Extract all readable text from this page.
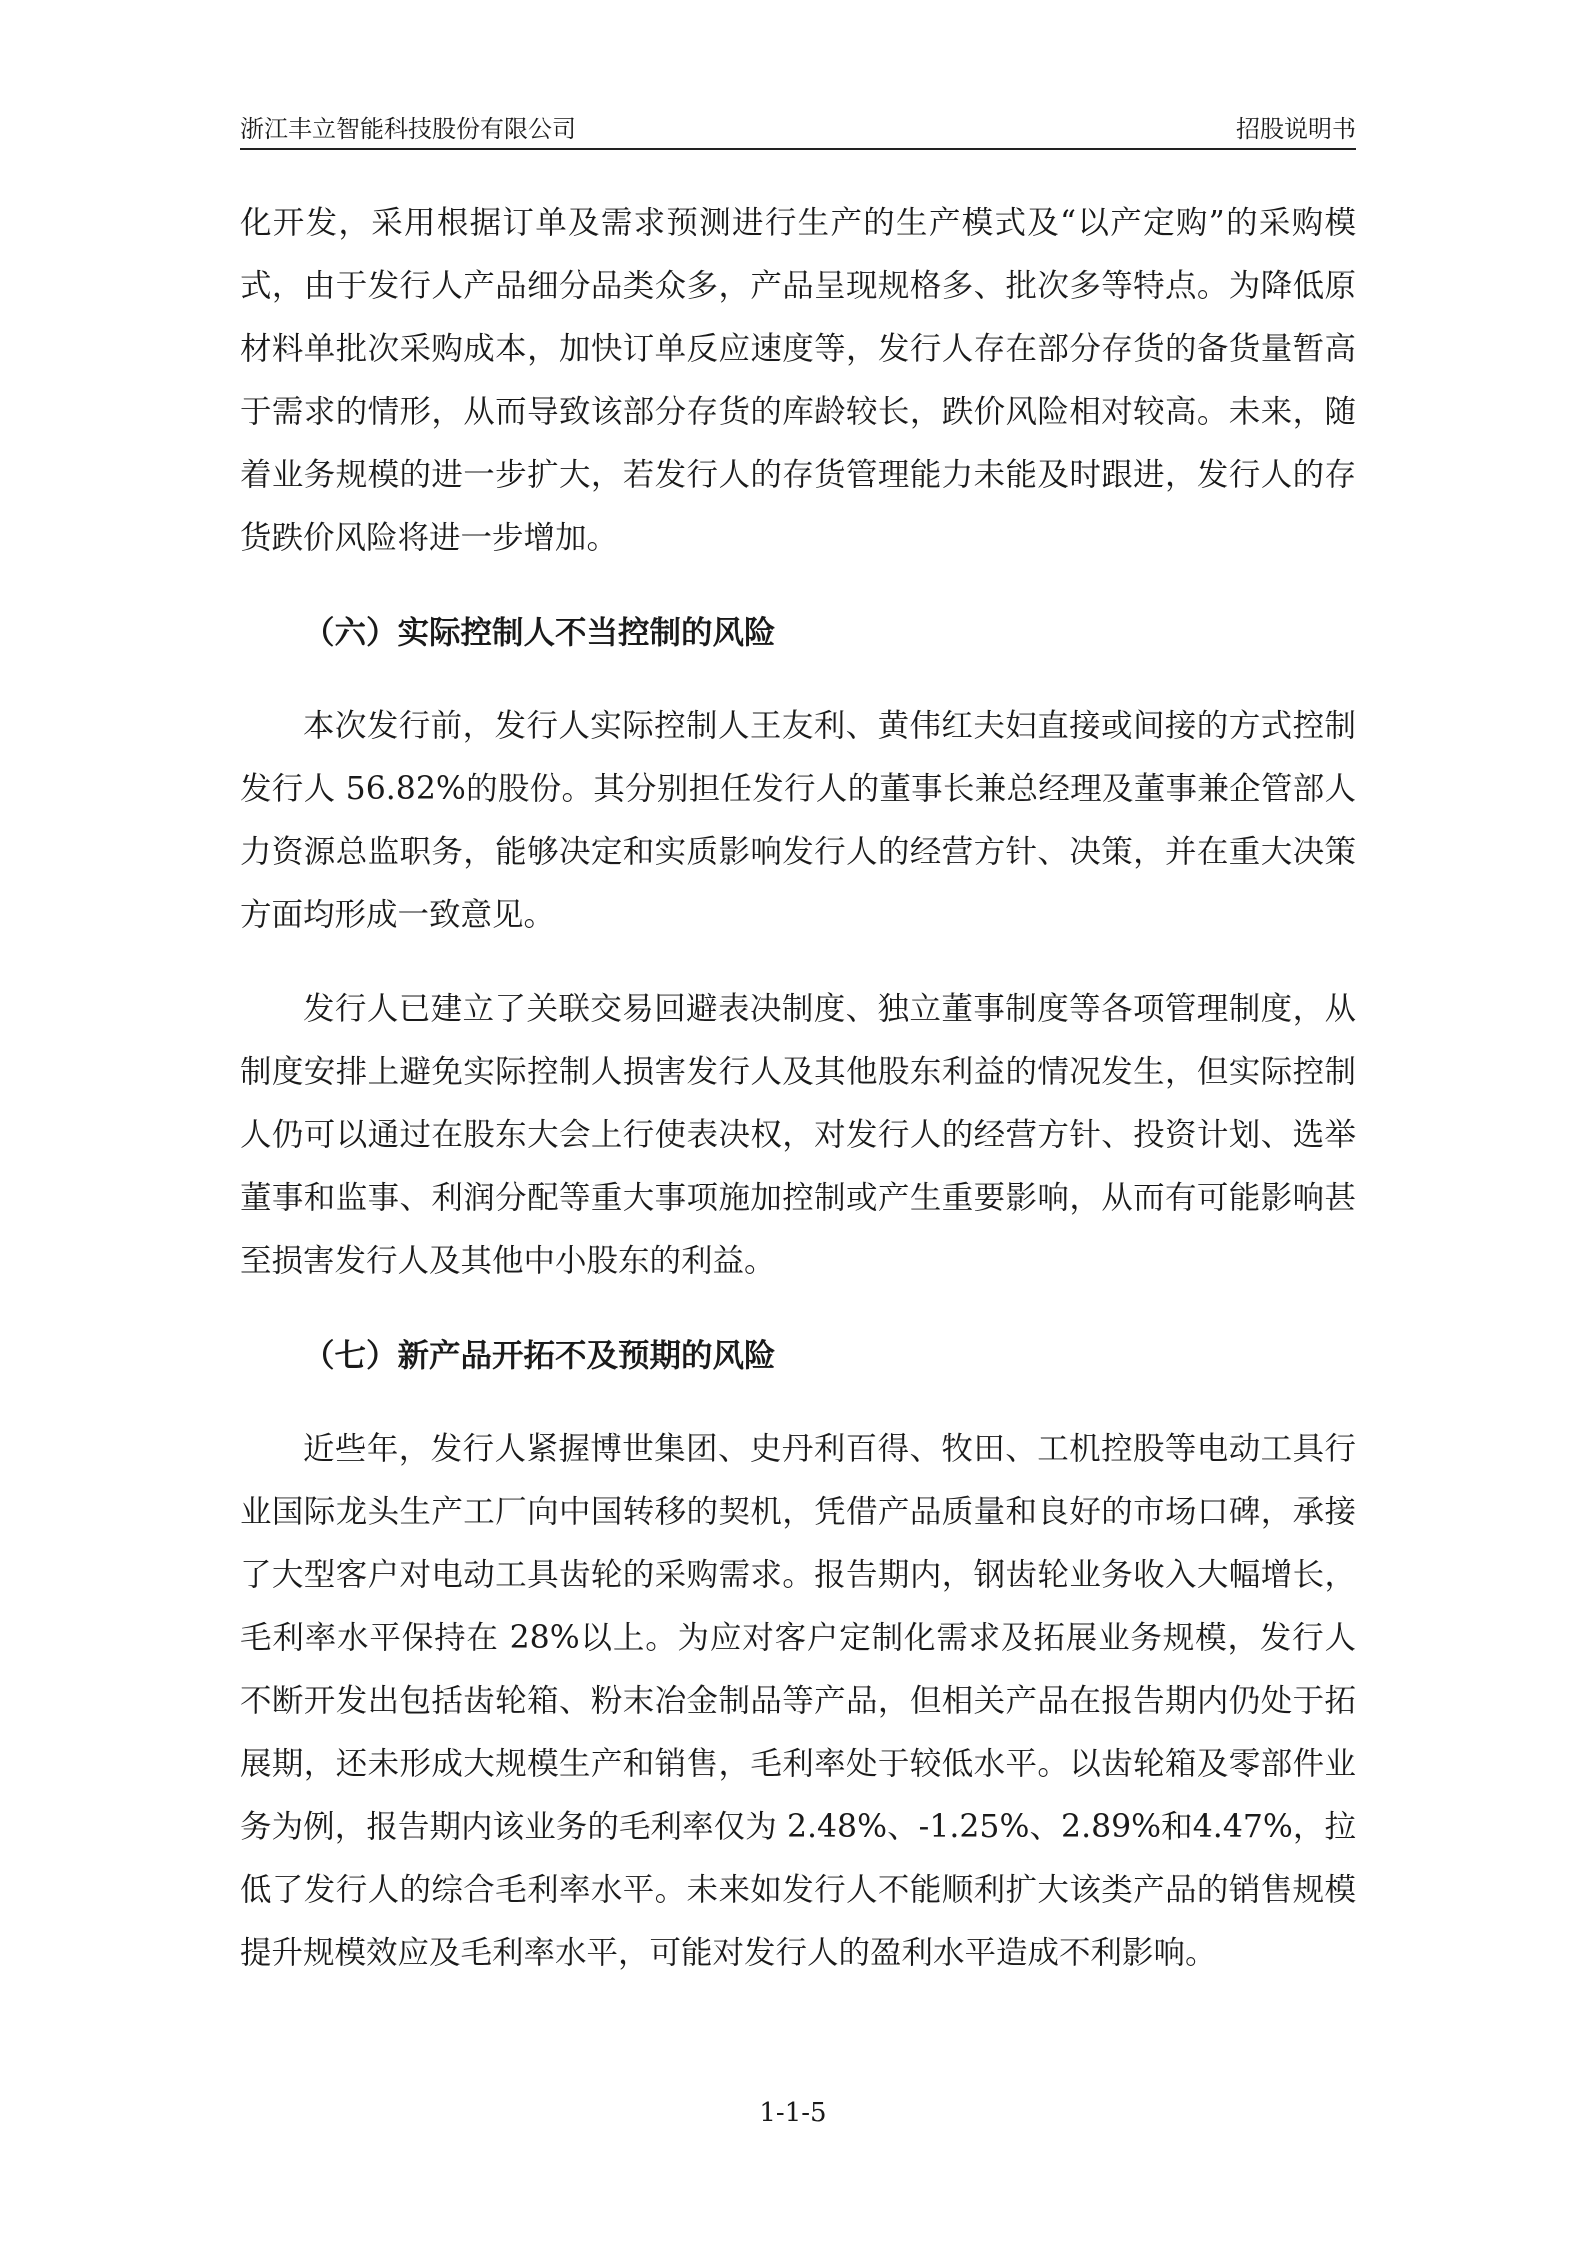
浙江丰立智能科技股份有限公司	招股说明书

化开发，采用根据订单及需求预测进行生产的生产模式及“以产定购”的采购模式，由于发行人产品细分品类众多，产品呈现规格多、批次多等特点。为降低原材料单批次采购成本，加快订单反应速度等，发行人存在部分存货的备货量暂高于需求的情形，从而导致该部分存货的库龄较长，跌价风险相对较高。未来，随着业务规模的进一步扩大，若发行人的存货管理能力未能及时跟进，发行人的存货跌价风险将进一步增加。

（六）实际控制人不当控制的风险

本次发行前，发行人实际控制人王友利、黄伟红夫妇直接或间接的方式控制发行人 56.82%的股份。其分别担任发行人的董事长兼总经理及董事兼企管部人力资源总监职务，能够决定和实质影响发行人的经营方针、决策，并在重大决策方面均形成一致意见。

发行人已建立了关联交易回避表决制度、独立董事制度等各项管理制度，从制度安排上避免实际控制人损害发行人及其他股东利益的情况发生，但实际控制人仍可以通过在股东大会上行使表决权，对发行人的经营方针、投资计划、选举董事和监事、利润分配等重大事项施加控制或产生重要影响，从而有可能影响甚至损害发行人及其他中小股东的利益。

（七）新产品开拓不及预期的风险

近些年，发行人紧握博世集团、史丹利百得、牧田、工机控股等电动工具行业国际龙头生产工厂向中国转移的契机，凭借产品质量和良好的市场口碑，承接了大型客户对电动工具齿轮的采购需求。报告期内，钢齿轮业务收入大幅增长，毛利率水平保持在 28%以上。为应对客户定制化需求及拓展业务规模，发行人不断开发出包括齿轮箱、粉末冶金制品等产品，但相关产品在报告期内仍处于拓展期，还未形成大规模生产和销售，毛利率处于较低水平。以齿轮箱及零部件业务为例，报告期内该业务的毛利率仅为 2.48%、-1.25%、2.89%和4.47%，拉低了发行人的综合毛利率水平。未来如发行人不能顺利扩大该类产品的销售规模提升规模效应及毛利率水平，可能对发行人的盈利水平造成不利影响。

1-1-5
